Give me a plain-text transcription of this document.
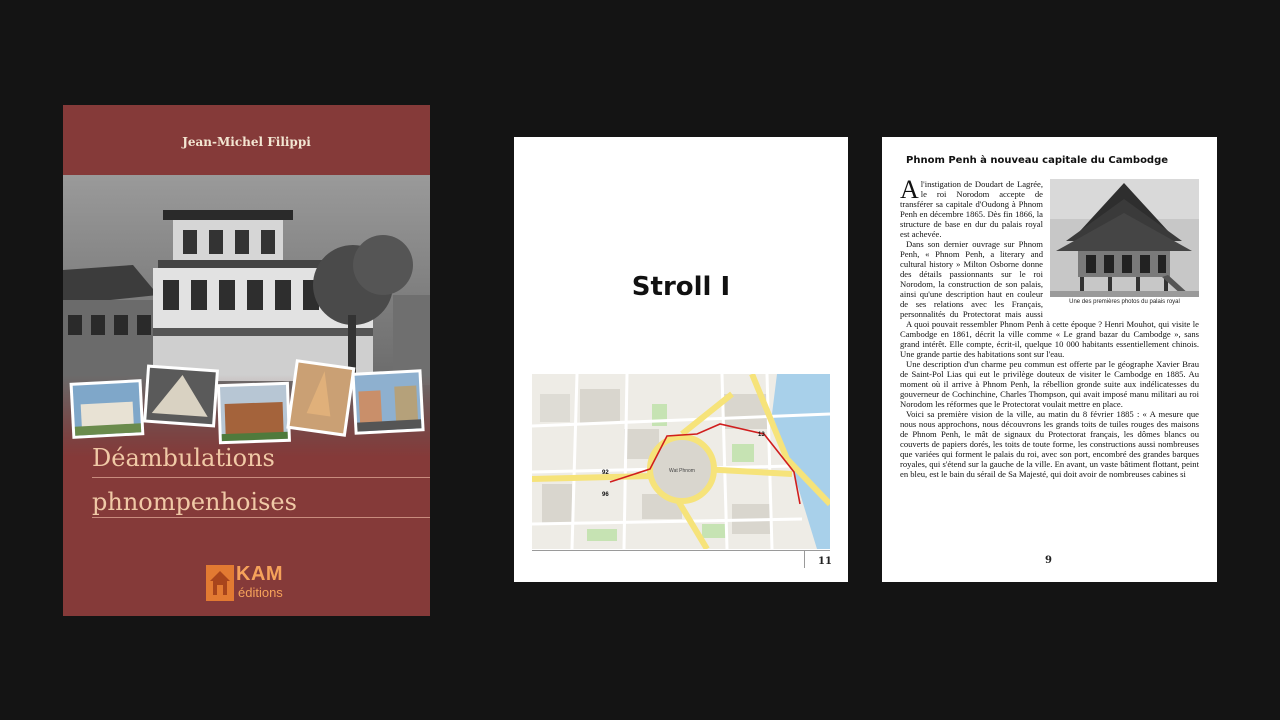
Jean-Michel Filippi
Déambulations
phnompenhoises
KAM
éditions
Stroll I
Wat Phnom
92
96
13
11
Phnom Penh à nouveau capitale du Cambodge
Une des premières photos du palais royal

Al'instigation de Doudart de Lagrée, le roi Norodom accepte de transférer sa capitale d'Oudong à Phnom Penh en décembre 1865. Dès fin 1866, la structure de base en dur du palais royal est achevée.

Dans son dernier ouvrage sur Phnom Penh, « Phnom Penh, a literary and cultural history » Milton Osborne donne des détails passionnants sur le roi Norodom, la construction de son palais, ainsi qu'une description haut en couleur de ses relations avec les Français, personnalités du Protectorat mais aussi

A quoi pouvait ressembler Phnom Penh à cette époque ? Henri Mouhot, qui visite le Cambodge en 1861, décrit la ville comme « Le grand bazar du Cambodge », sans grand intérêt. Elle compte, écrit-il, quelque 10 000 habitants essentiellement chinois. Une grande partie des habitations sont sur l'eau.

Une description d'un charme peu commun est offerte par le géographe Xavier Brau de Saint-Pol Lias qui eut le privilège douteux de visiter le Cambodge en 1885. Au moment où il arrive à Phnom Penh, la rébellion gronde suite aux indélicatesses du gouverneur de Cochinchine, Charles Thompson, qui avait imposé manu militari au roi Norodom les réformes que le Protectorat voulait mettre en place.

Voici sa première vision de la ville, au matin du 8 février 1885 : « A mesure que nous nous approchons, nous découvrons les grands toits de tuiles rouges des maisons de Phnom Penh, le mât de signaux du Protectorat français, les dômes blancs ou couverts de papiers dorés, les toits de toute forme, les constructions aussi nombreuses que variées qui forment le palais du roi, avec son port, encombré des grandes barques royales, qui s'étend sur la gauche de la ville. En avant, un vaste bâtiment flottant, peint en bleu, est le bain du sérail de Sa Majesté, qui doit avoir de nombreuses cabines si

9
